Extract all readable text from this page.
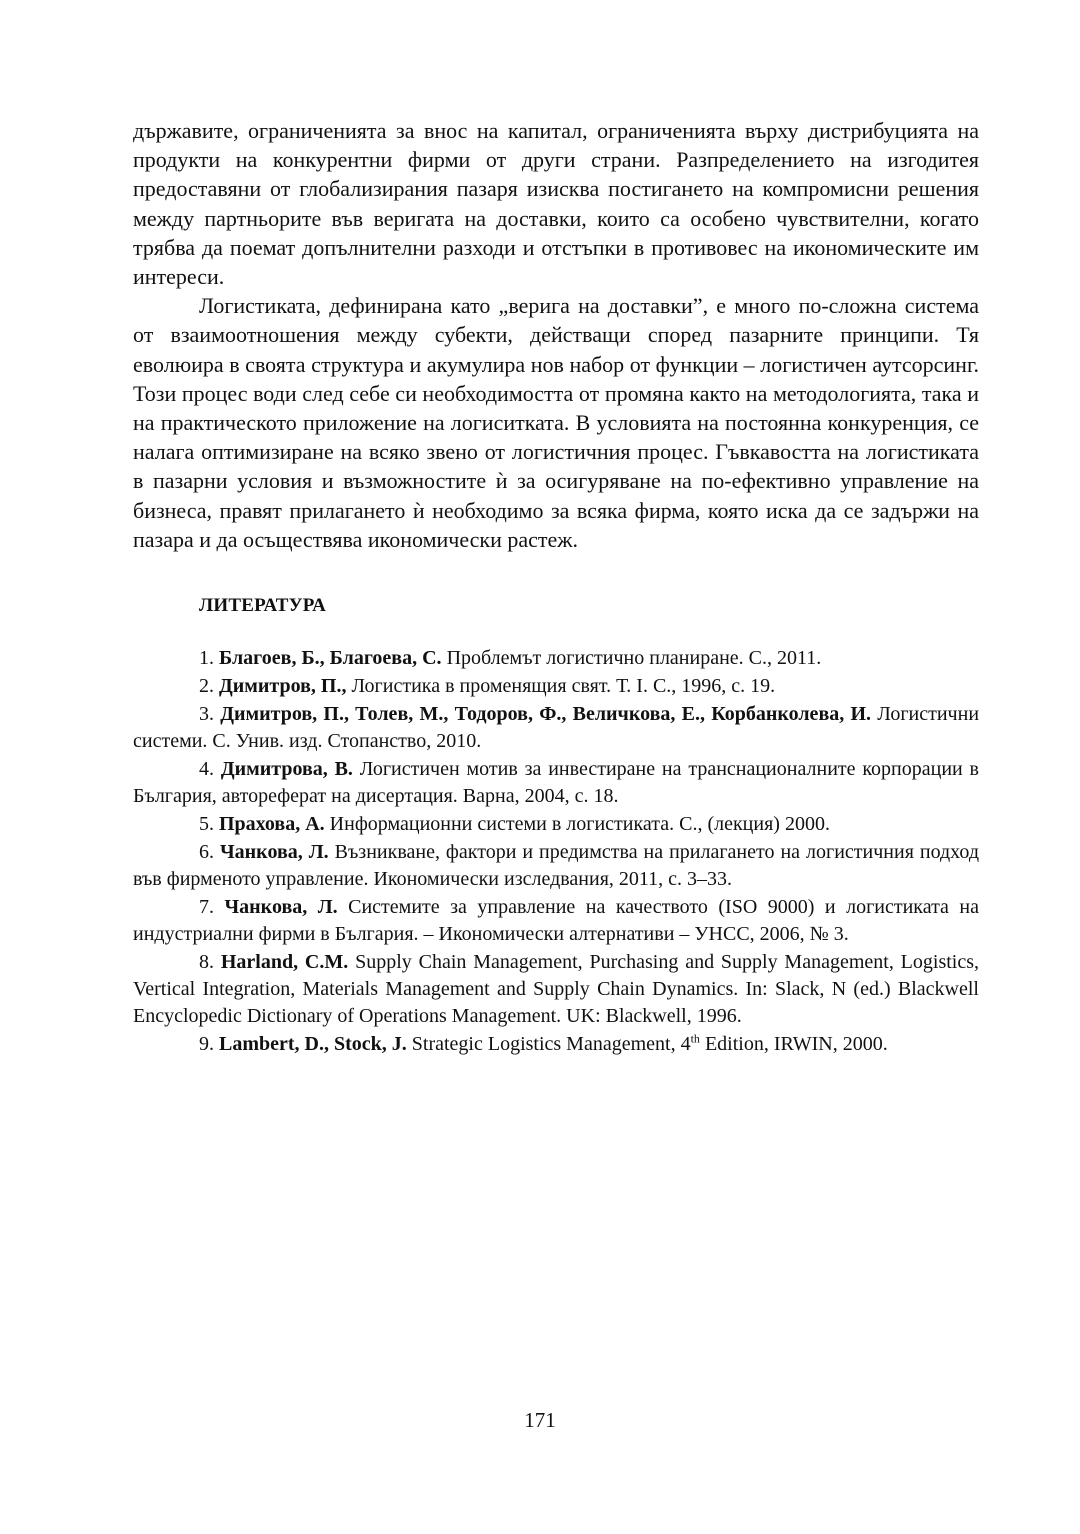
държавите, ограниченията за внос на капитал, ограниченията върху дистрибуцията на продукти на конкурентни фирми от други страни. Разпределението на изгодитея предоставяни от глобализирания пазаря изисква постигането на компромисни решения между партньорите във веригата на доставки, които са особено чувствителни, когато трябва да поемат допълнителни разходи и отстъпки в противовес на икономическите им интереси.

Логистиката, дефинирана като „верига на доставки”, е много по-сложна система от взаимоотношения между субекти, действащи според пазарните принципи. Тя еволюира в своята структура и акумулира нов набор от функции – логистичен аутсорсинг. Този процес води след себе си необходимостта от промяна както на методологията, така и на практическото приложение на логиситката. В условията на постоянна конкуренция, се налага оптимизиране на всяко звено от логистичния процес. Гъвкавостта на логистиката в пазарни условия и възможностите ѝ за осигуряване на по-ефективно управление на бизнеса, правят прилагането ѝ необходимо за всяка фирма, която иска да се задържи на пазара и да осъществява икономически растеж.

ЛИТЕРАТУРА

1. Благоев, Б., Благоева, С. Проблемът логистично планиране. С., 2011.

2. Димитров, П., Логистика в променящия свят. Т. I. С., 1996, с. 19.

3. Димитров, П., Толев, М., Тодоров, Ф., Величкова, Е., Корбанколева, И. Логистични системи. С. Унив. изд. Стопанство, 2010.

4. Димитрова, В. Логистичен мотив за инвестиране на транснационалните корпорации в България, автореферат на дисертация. Варна, 2004, с. 18.

5. Прахова, А. Информационни системи в логистиката. С., (лекция) 2000.

6. Чанкова, Л. Възникване, фактори и предимства на прилагането на логистичния подход във фирменото управление. Икономически изследвания, 2011, с. 3–33.

7. Чанкова, Л. Системите за управление на качеството (ISO 9000) и логистиката на индустриални фирми в България. – Икономически алтернативи – УНСС, 2006, № 3.

8. Harland, C.M. Supply Chain Management, Purchasing and Supply Management, Logistics, Vertical Integration, Materials Management and Supply Chain Dynamics. In: Slack, N (ed.) Blackwell Encyclopedic Dictionary of Operations Management. UK: Blackwell, 1996.

9. Lambert, D., Stock, J. Strategic Logistics Management, 4th Edition, IRWIN, 2000.

171
